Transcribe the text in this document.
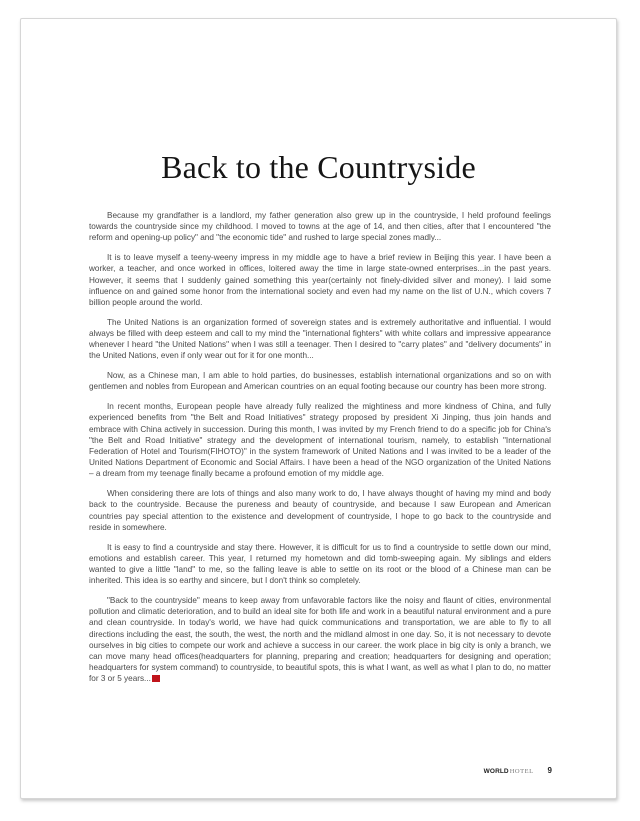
Back to the Countryside

Because my grandfather is a landlord, my father generation also grew up in the countryside, I held profound feelings towards the countryside since my childhood. I moved to towns at the age of 14, and then cities, after that I encountered "the reform and opening-up policy" and "the economic tide" and rushed to large special zones madly...

It is to leave myself a teeny-weeny impress in my middle age to have a brief review in Beijing this year. I have been a worker, a teacher, and once worked in offices, loitered away the time in large state-owned enterprises...in the past years. However, it seems that I suddenly gained something this year(certainly not finely-divided silver and money). I laid some influence on and gained some honor from the international society and even had my name on the list of U.N., which covers 7 billion people around the world.

The United Nations is an organization formed of sovereign states and is extremely authoritative and influential. I would always be filled with deep esteem and call to my mind the "international fighters" with white collars and impressive appearance whenever I heard "the United Nations" when I was still a teenager. Then I desired to "carry plates" and "delivery documents" in the United Nations, even if only wear out for it for one month...

Now, as a Chinese man, I am able to hold parties, do businesses, establish international organizations and so on with gentlemen and nobles from European and American countries on an equal footing because our country has been more strong.

In recent months, European people have already fully realized the mightiness and more kindness of China, and fully experienced benefits from "the Belt and Road Initiatives" strategy proposed by president Xi Jinping, thus join hands and embrace with China actively in succession. During this month, I was invited by my French friend to do a specific job for China's "the Belt and Road Initiative" strategy and the development of international tourism, namely, to establish "International Federation of Hotel and Tourism(FIHOTO)" in the system framework of United Nations and I was invited to be a leader of the United Nations Department of Economic and Social Affairs. I have been a head of the NGO organization of the United Nations – a dream from my teenage finally became a profound emotion of my middle age.

When considering there are lots of things and also many work to do, I have always thought of having my mind and body back to the countryside. Because the pureness and beauty of countryside, and because I saw European and American countries pay special attention to the existence and development of countryside, I hope to go back to the countryside and reside in somewhere.

It is easy to find a countryside and stay there. However, it is difficult for us to find a countryside to settle down our mind, emotions and establish career. This year, I returned my hometown and did tomb-sweeping again. My siblings and elders wanted to give a little "land" to me, so the falling leave is able to settle on its root or the blood of a Chinese man can be inherited. This idea is so earthy and sincere, but I don't think so completely.

"Back to the countryside" means to keep away from unfavorable factors like the noisy and flaunt of cities, environmental pollution and climatic deterioration, and to build an ideal site for both life and work in a beautiful natural environment and a pure and clean countryside. In today's world, we have had quick communications and transportation, we are able to fly to all directions including the east, the south, the west, the north and the midland almost in one day. So, it is not necessary to devote ourselves in big cities to compete our work and achieve a success in our career. the work place in big city is only a branch, we can move many head offices(headquarters for planning, preparing and creation; headquarters for designing and operation; headquarters for system command) to countryside, to beautiful spots, this is what I want, as well as what I plan to do, no matter for 3 or 5 years...

WORLD HOTEL 9
